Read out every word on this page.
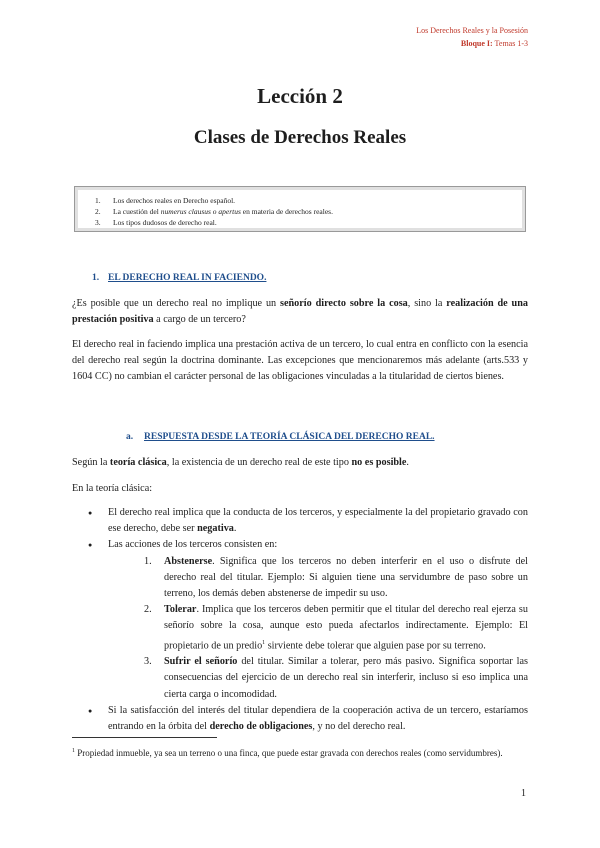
Los Derechos Reales y la Posesión
Bloque I: Temas 1-3
Lección 2
Clases de Derechos Reales
1.	Los derechos reales en Derecho español.
2.	La cuestión del numerus clausus o apertus en materia de derechos reales.
3.	Los tipos dudosos de derecho real.
1. EL DERECHO REAL IN FACIENDO.
¿Es posible que un derecho real no implique un señorío directo sobre la cosa, sino la realización de una prestación positiva a cargo de un tercero?
El derecho real in faciendo implica una prestación activa de un tercero, lo cual entra en conflicto con la esencia del derecho real según la doctrina dominante. Las excepciones que mencionaremos más adelante (arts.533 y 1604 CC) no cambian el carácter personal de las obligaciones vinculadas a la titularidad de ciertos bienes.
a. RESPUESTA DESDE LA TEORÍA CLÁSICA DEL DERECHO REAL.
Según la teoría clásica, la existencia de un derecho real de este tipo no es posible.
En la teoría clásica:
● El derecho real implica que la conducta de los terceros, y especialmente la del propietario gravado con ese derecho, debe ser negativa.
● Las acciones de los terceros consisten en:
1. Abstenerse. Significa que los terceros no deben interferir en el uso o disfrute del derecho real del titular. Ejemplo: Si alguien tiene una servidumbre de paso sobre un terreno, los demás deben abstenerse de impedir su uso.
2. Tolerar. Implica que los terceros deben permitir que el titular del derecho real ejerza su señorío sobre la cosa, aunque esto pueda afectarlos indirectamente. Ejemplo: El propietario de un predio$^1$ sirviente debe tolerar que alguien pase por su terreno.
3. Sufrir el señorío del titular. Similar a tolerar, pero más pasivo. Significa soportar las consecuencias del ejercicio de un derecho real sin interferir, incluso si eso implica una cierta carga o incomodidad.
● Si la satisfacción del interés del titular dependiera de la cooperación activa de un tercero, estaríamos entrando en la órbita del derecho de obligaciones, y no del derecho real.
$^1$ Propiedad inmueble, ya sea un terreno o una finca, que puede estar gravada con derechos reales (como servidumbres).
1
